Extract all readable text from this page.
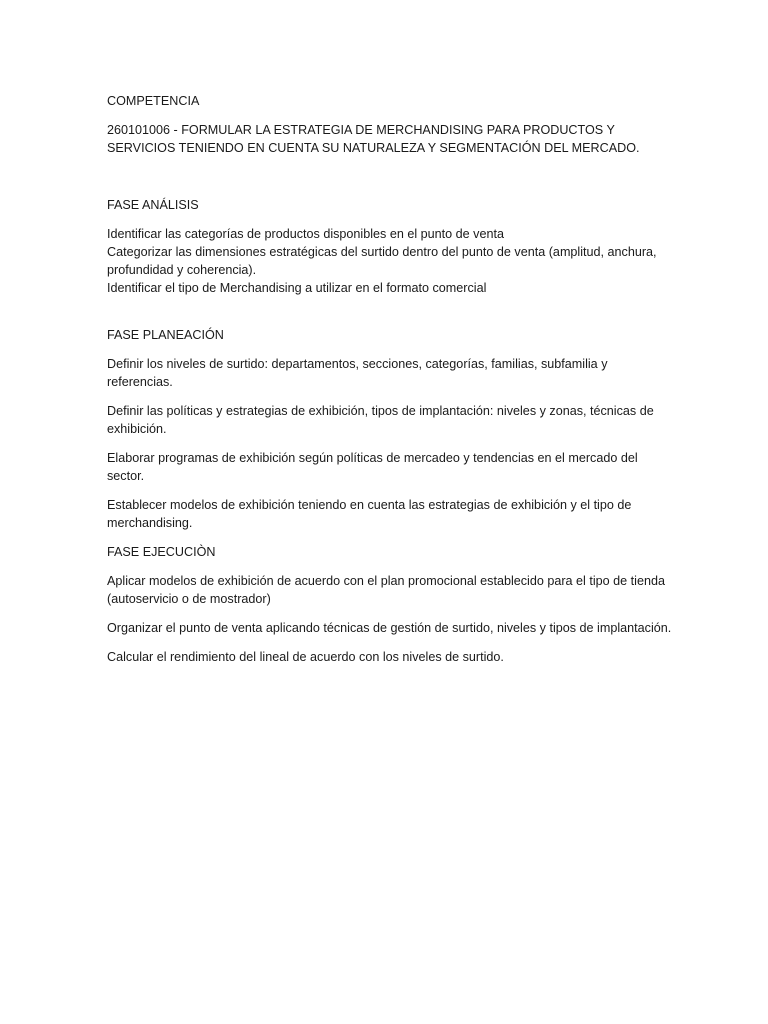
COMPETENCIA

260101006 - FORMULAR LA ESTRATEGIA DE MERCHANDISING PARA PRODUCTOS Y SERVICIOS TENIENDO EN CUENTA SU NATURALEZA Y SEGMENTACIÓN DEL MERCADO.

FASE ANÁLISIS

Identificar las categorías de productos disponibles en el punto de venta

Categorizar las dimensiones estratégicas del surtido dentro del punto de venta (amplitud, anchura, profundidad y coherencia).

Identificar el tipo de Merchandising a utilizar en el formato comercial

FASE PLANEACIÓN

Definir los niveles de surtido: departamentos, secciones, categorías, familias, subfamilia y referencias.

Definir las políticas y estrategias de exhibición, tipos de implantación: niveles y zonas, técnicas de exhibición.

Elaborar programas de exhibición según políticas de mercadeo y tendencias en el mercado del sector.

Establecer modelos de exhibición teniendo en cuenta las estrategias de exhibición y el tipo de merchandising.

FASE EJECUCIÒN

Aplicar modelos de exhibición de acuerdo con el plan promocional establecido para el tipo de tienda (autoservicio o de mostrador)

Organizar el punto de venta aplicando técnicas de gestión de surtido, niveles y tipos de implantación.

Calcular el rendimiento del lineal de acuerdo con los niveles de surtido.
